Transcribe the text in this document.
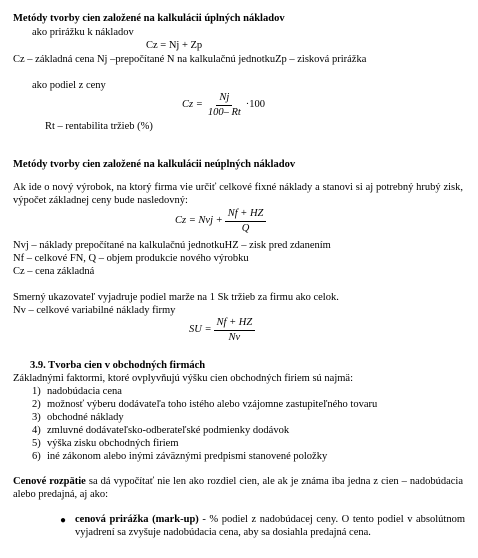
Metódy tvorby cien založené na kalkulácii úplných nákladov
ako prirážku k nákladov
Cz = Nj + Zp
Cz – základná cena Nj –prepočítané N na kalkulačnú jednotkuZp – zisková prirážka
ako podiel z ceny
$Cz = \frac{Nj}{100- Rt} \cdot 100$
Rt – rentabilita tržieb (%)
Metódy tvorby cien založené na kalkulácii neúplných nákladov
Ak ide o nový výrobok, na ktorý firma vie určiť celkové fixné náklady a stanovi si aj potrebný hrubý zisk, výpočet základnej ceny bude nasledovný:
Cz = Nvj + $\frac{Nf + HZ}{Q}$
Nvj – náklady prepočítané na kalkulačnú jednotkuHZ – zisk pred zdanením
Nf – celkové FN, Q – objem produkcie nového výrobku
Cz – cena základná
Smerný ukazovateľ vyjadruje podiel marže na 1 Sk tržieb za firmu ako celok.
Nv – celkové variabilné náklady firmy
SU = $\frac{Nf + HZ}{Nv}$
3.9. Tvorba cien v obchodných firmách
Základnými faktormi, ktoré ovplyvňujú výšku cien obchodných firiem sú najmä:
1) nadobúdacia cena
2) možnosť výberu dodávateľa toho istého alebo vzájomne zastupiteľného tovaru
3) obchodné náklady
4) zmluvné dodávateľsko-odberateľské podmienky dodávok
5) výška zisku obchodných firiem
6) iné zákonom alebo inými záväznými predpismi stanovené položky
Cenové rozpätie sa dá vypočítať nie len ako rozdiel cien, ale ak je známa iba jedna z cien – nadobúdacia alebo predajná, aj ako:
● cenová prirážka (mark-up) - % podiel z nadobúdacej ceny. O tento podiel v absolútnom vyjadrení sa zvyšuje nadobúdacia cena, aby sa dosiahla predajná cena.
